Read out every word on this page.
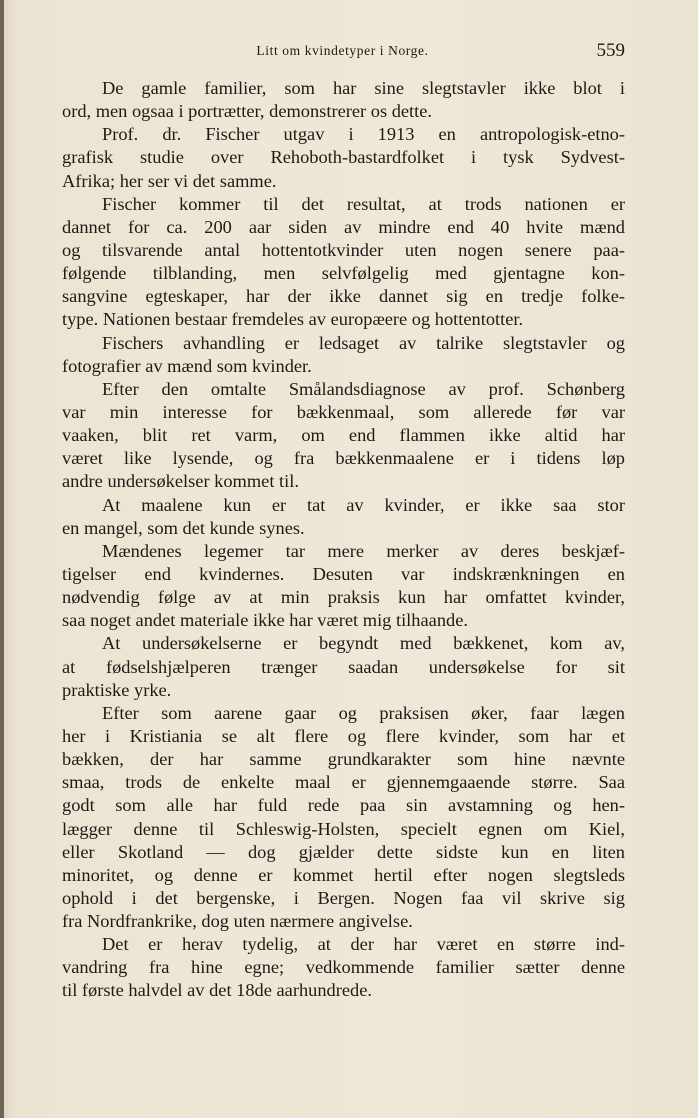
Litt om kvindetyper i Norge.	559
De gamle familier, som har sine slegtstavler ikke blot i
ord, men ogsaa i portrætter, demonstrerer os dette.
Prof. dr. Fischer utgav i 1913 en antropologisk-etno-
grafisk studie over Rehoboth-bastardfolket i tysk Sydvest-
Afrika; her ser vi det samme.
Fischer kommer til det resultat, at trods nationen er
dannet for ca. 200 aar siden av mindre end 40 hvite mænd
og tilsvarende antal hottentotkvinder uten nogen senere paa-
følgende tilblanding, men selvfølgelig med gjentagne kon-
sangvine egteskaper, har der ikke dannet sig en tredje folke-
type. Nationen bestaar fremdeles av europæere og hottentotter.
Fischers avhandling er ledsaget av talrike slegtstavler og
fotografier av mænd som kvinder.
Efter den omtalte Smålandsdiagnose av prof. Schønberg
var min interesse for bækkenmaal, som allerede før var
vaaken, blit ret varm, om end flammen ikke altid har
været like lysende, og fra bækkenmaalene er i tidens løp
andre undersøkelser kommet til.
At maalene kun er tat av kvinder, er ikke saa stor
en mangel, som det kunde synes.
Mændenes legemer tar mere merker av deres beskjæf-
tigelser end kvindernes. Desuten var indskrænkningen en
nødvendig følge av at min praksis kun har omfattet kvinder,
saa noget andet materiale ikke har været mig tilhaande.
At undersøkelserne er begyndt med bækkenet, kom av,
at fødselshjælperen trænger saadan undersøkelse for sit
praktiske yrke.
Efter som aarene gaar og praksisen øker, faar lægen
her i Kristiania se alt flere og flere kvinder, som har et
bækken, der har samme grundkarakter som hine nævnte
smaa, trods de enkelte maal er gjennemgaaende større. Saa
godt som alle har fuld rede paa sin avstamning og hen-
lægger denne til Schleswig-Holsten, specielt egnen om Kiel,
eller Skotland — dog gjælder dette sidste kun en liten
minoritet, og denne er kommet hertil efter nogen slegtsleds
ophold i det bergenske, i Bergen. Nogen faa vil skrive sig
fra Nordfrankrike, dog uten nærmere angivelse.
Det er herav tydelig, at der har været en større ind-
vandring fra hine egne; vedkommende familier sætter denne
til første halvdel av det 18de aarhundrede.
